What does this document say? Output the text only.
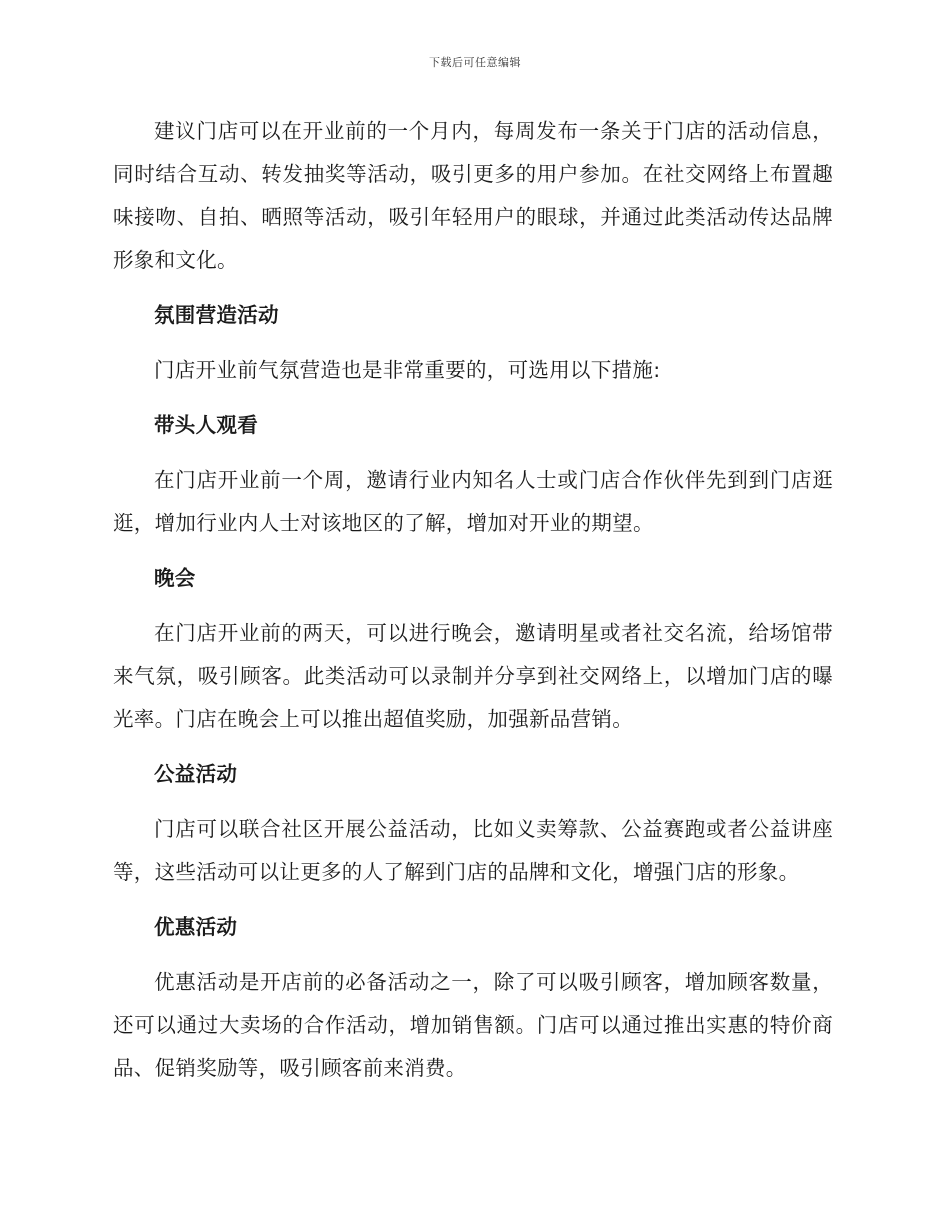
下载后可任意编辑

建议门店可以在开业前的一个月内，每周发布一条关于门店的活动信息，同时结合互动、转发抽奖等活动，吸引更多的用户参加。在社交网络上布置趣味接吻、自拍、晒照等活动，吸引年轻用户的眼球，并通过此类活动传达品牌形象和文化。

氛围营造活动

门店开业前气氛营造也是非常重要的，可选用以下措施:

带头人观看

在门店开业前一个周，邀请行业内知名人士或门店合作伙伴先到到门店逛逛，增加行业内人士对该地区的了解，增加对开业的期望。

晚会

在门店开业前的两天，可以进行晚会，邀请明星或者社交名流，给场馆带来气氛，吸引顾客。此类活动可以录制并分享到社交网络上，以增加门店的曝光率。门店在晚会上可以推出超值奖励，加强新品营销。

公益活动

门店可以联合社区开展公益活动，比如义卖筹款、公益赛跑或者公益讲座等，这些活动可以让更多的人了解到门店的品牌和文化，增强门店的形象。

优惠活动

优惠活动是开店前的必备活动之一，除了可以吸引顾客，增加顾客数量，还可以通过大卖场的合作活动，增加销售额。门店可以通过推出实惠的特价商品、促销奖励等，吸引顾客前来消费。
